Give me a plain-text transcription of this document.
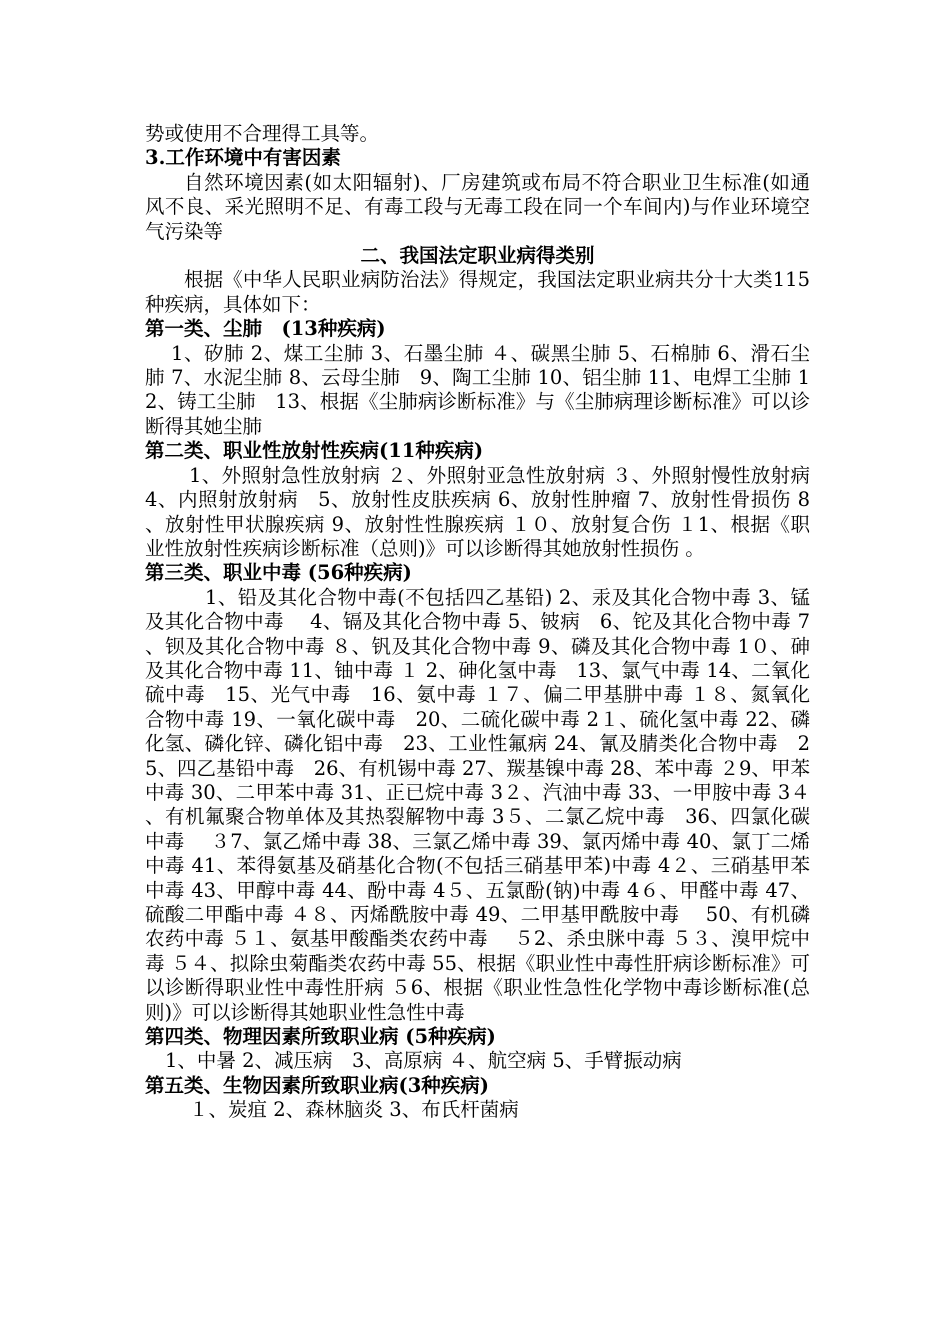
势或使用不合理得工具等。

3.工作环境中有害因素

自然环境因素(如太阳辐射)、厂房建筑或布局不符合职业卫生标准(如通风不良、采光照明不足、有毒工段与无毒工段在同一个车间内)与作业环境空气污染等

二、我国法定职业病得类别

根据《中华人民职业病防治法》得规定，我国法定职业病共分十大类115种疾病，具体如下：

第一类、尘肺　(13种疾病)

1、矽肺 2、煤工尘肺 3、石墨尘肺 ４、碳黑尘肺 5、石棉肺 6、滑石尘肺 7、水泥尘肺 8、云母尘肺　9、陶工尘肺 10、铝尘肺 11、电焊工尘肺 12、铸工尘肺　13、根据《尘肺病诊断标准》与《尘肺病理诊断标准》可以诊断得其她尘肺

第二类、职业性放射性疾病(11种疾病)

1、外照射急性放射病 ２、外照射亚急性放射病 ３、外照射慢性放射病 4、内照射放射病　5、放射性皮肤疾病 6、放射性肿瘤 7、放射性骨损伤 8、放射性甲状腺疾病 9、放射性性腺疾病 １０、放射复合伤 １1、根据《职业性放射性疾病诊断标准（总则)》可以诊断得其她放射性损伤 。

第三类、职业中毒 (56种疾病)

1、铅及其化合物中毒(不包括四乙基铅) 2、汞及其化合物中毒 3、锰及其化合物中毒　 4、镉及其化合物中毒 5、铍病　6、铊及其化合物中毒 7、钡及其化合物中毒 ８、钒及其化合物中毒 9、磷及其化合物中毒 1０、砷及其化合物中毒 11、铀中毒 １ 2、砷化氢中毒　13、氯气中毒 14、二氧化硫中毒　15、光气中毒　16、氨中毒 １７、偏二甲基肼中毒 １８、氮氧化合物中毒 19、一氧化碳中毒　20、二硫化碳中毒 2１、硫化氢中毒 22、磷化氢、磷化锌、磷化铝中毒　23、工业性氟病 24、氰及腈类化合物中毒　25、四乙基铅中毒　26、有机锡中毒 27、羰基镍中毒 28、苯中毒 ２9、甲苯中毒 30、二甲苯中毒 31、正已烷中毒 3２、汽油中毒 33、一甲胺中毒 3４、有机氟聚合物单体及其热裂解物中毒 3５、二氯乙烷中毒　36、四氯化碳中毒　 ３7、氯乙烯中毒 38、三氯乙烯中毒 39、氯丙烯中毒 40、氯丁二烯中毒 41、苯得氨基及硝基化合物(不包括三硝基甲苯)中毒 4２、三硝基甲苯中毒 43、甲醇中毒 44、酚中毒 4５、五氯酚(钠)中毒 4６、甲醛中毒 47、硫酸二甲酯中毒 ４８、丙烯酰胺中毒 49、二甲基甲酰胺中毒　 50、有机磷农药中毒 ５１、氨基甲酸酯类农药中毒　 ５2、杀虫脒中毒 ５３、溴甲烷中毒 ５４、拟除虫菊酯类农药中毒 55、根据《职业性中毒性肝病诊断标准》可以诊断得职业性中毒性肝病 ５6、根据《职业性急性化学物中毒诊断标准(总则)》可以诊断得其她职业性急性中毒

第四类、物理因素所致职业病 (5种疾病)

1、中暑 2、减压病　3、高原病 ４、航空病 5、手臂振动病

第五类、生物因素所致职业病(3种疾病)

１、炭疽 2、森林脑炎 3、布氏杆菌病
